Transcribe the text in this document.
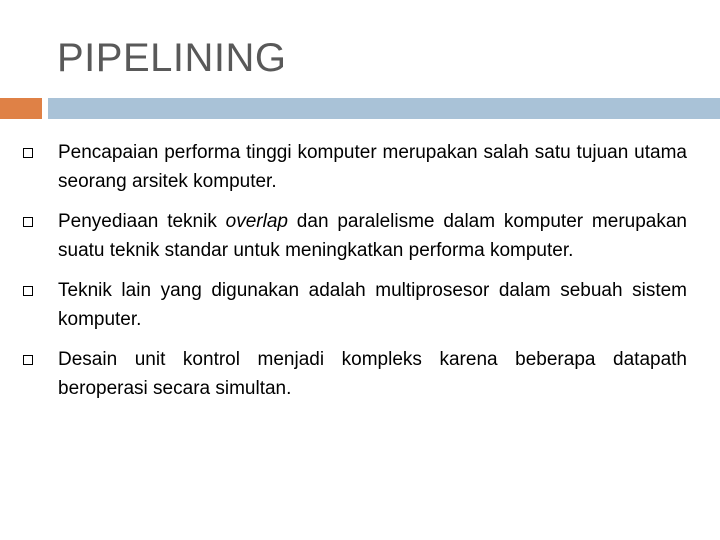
PIPELINING
Pencapaian performa tinggi komputer merupakan salah satu tujuan utama seorang arsitek komputer.
Penyediaan teknik overlap dan paralelisme dalam komputer merupakan suatu teknik standar untuk meningkatkan performa komputer.
Teknik lain yang digunakan adalah multiprosesor dalam sebuah sistem komputer.
Desain unit kontrol menjadi kompleks karena beberapa datapath beroperasi secara simultan.
